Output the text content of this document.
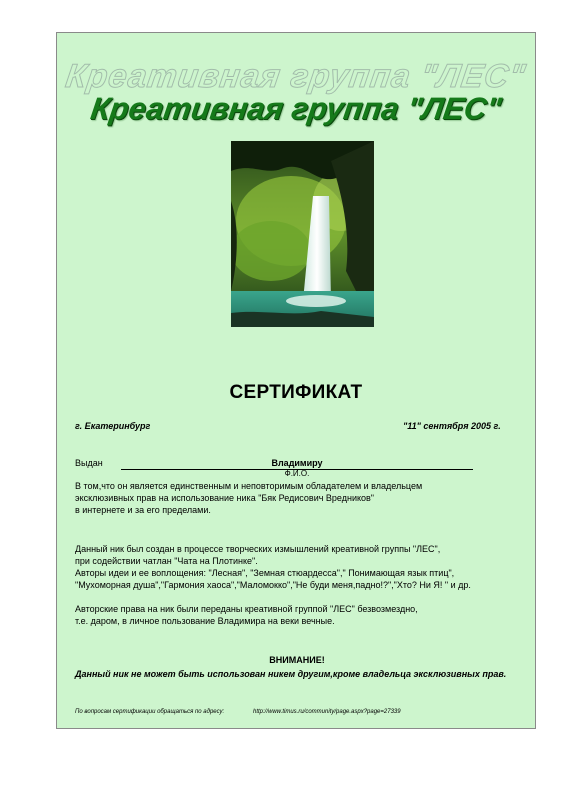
Креативная группа "ЛЕС"
Креативная группа "ЛЕС"
СЕРТИФИКАТ
г. Екатеринбург	"11" сентября 2005 г.
Выдан	Владимиру
Ф.И.О.
В том,что он является единственным и неповторимым обладателем и владельцем
эксклюзивных прав на использование ника "Бяк Редисович Вредников"
в интернете и за его пределами.
Данный ник был создан в процессе творческих измышлений креативной группы "ЛЕС",
при содействии чатлан "Чата на Плотинке".
Авторы идеи и ее воплощения: "Лесная", "Земная стюардесса"," Понимающая язык птиц",
"Мухоморная душа","Гармония хаоса","Маломокко","Не буди меня,падно!?","Хто? Ни Я! " и др.
Авторские права на ник были переданы креативной группой "ЛЕС" безвозмездно,
т.е. даром, в личное пользование Владимира на веки вечные.
ВНИМАНИЕ!
Данный ник не может быть использован никем другим,кроме владельца эксклюзивных прав.
По вопросам сертификации обращаться по адресу:	http://www.timus.ru/community/page.aspx?page=27339
